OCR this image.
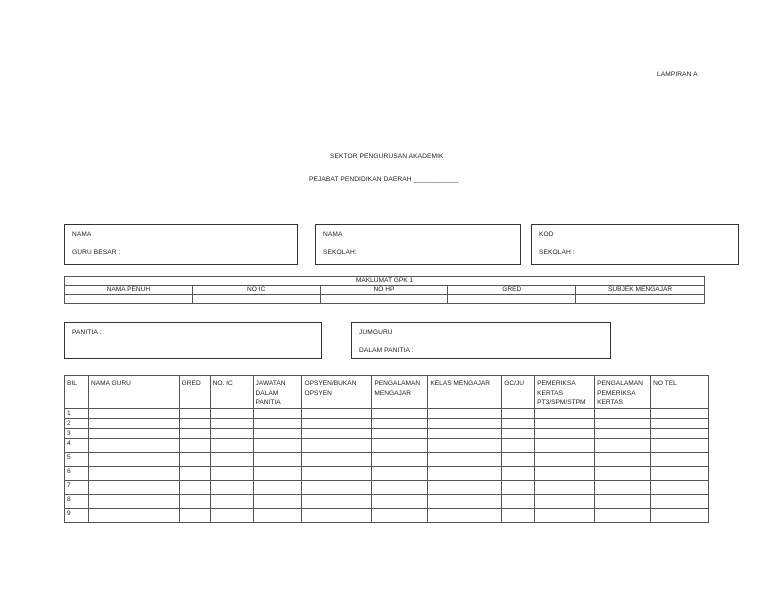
LAMPIRAN A
SEKTOR PENGURUSAN AKADEMIK
PEJABAT PENDIDIKAN DAERAH ____________
NAMA
GURU BESAR :
NAMA
SEKOLAH:
KOD
SEKOLAH :
MAKLUMAT GPK 1				
NAMA PENUH	NO IC	NO HP	GRED	SUBJEK MENGAJAR

PANITIA :	JUMGURU
DALAM PANITIA :
BIL	NAMA GURU	GRED	NO. IC	JAWATAN DALAM PANITIA	OPSYEN/BUKAN OPSYEN	PENGALAMAN MENGAJAR	KELAS MENGAJAR	GC/JU	PEMERIKSA KERTAS PT3/SPM/STPM	PENGALAMAN PEMERIKSA KERTAS	NO TEL
1											
2											
3											
4											
5											
6											
7											
8											
9											
